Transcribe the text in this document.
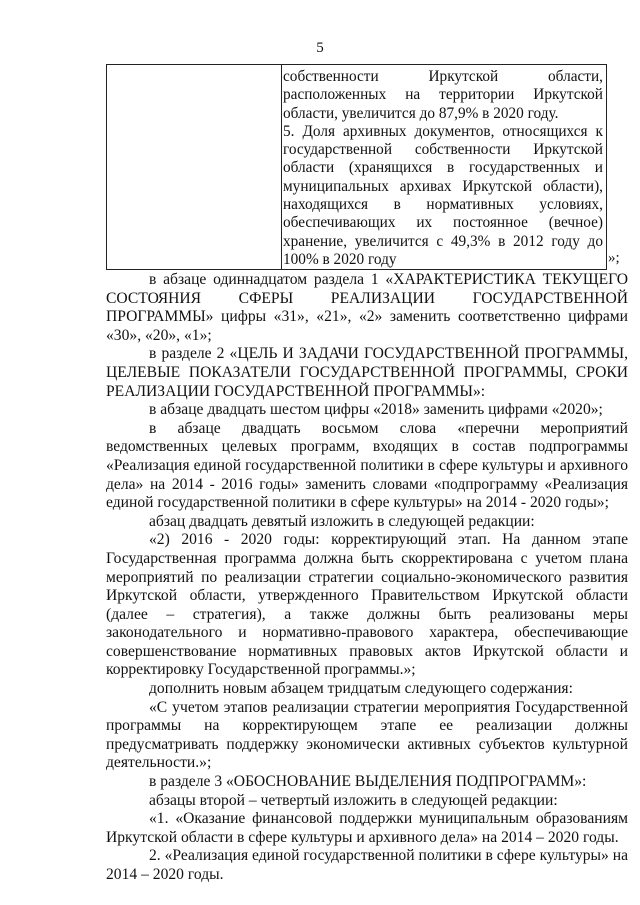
5

собственности Иркутской области, расположенных на территории Иркутской области, увеличится до 87,9% в 2020 году.

5. Доля архивных документов, относящихся к государственной собственности Иркутской области (хранящихся в государственных и муниципальных архивах Иркутской области), находящихся в нормативных условиях, обеспечивающих их постоянное (вечное) хранение, увеличится с 49,3% в 2012 году до 100% в 2020 году	»;

в абзаце одиннадцатом раздела 1 «ХАРАКТЕРИСТИКА ТЕКУЩЕГО СОСТОЯНИЯ СФЕРЫ РЕАЛИЗАЦИИ ГОСУДАРСТВЕННОЙ ПРОГРАММЫ» цифры «31», «21», «2» заменить соответственно цифрами «30», «20», «1»;

в разделе 2 «ЦЕЛЬ И ЗАДАЧИ ГОСУДАРСТВЕННОЙ ПРОГРАММЫ, ЦЕЛЕВЫЕ ПОКАЗАТЕЛИ ГОСУДАРСТВЕННОЙ ПРОГРАММЫ, СРОКИ РЕАЛИЗАЦИИ ГОСУДАРСТВЕННОЙ ПРОГРАММЫ»:

в абзаце двадцать шестом цифры «2018» заменить цифрами «2020»;

в абзаце двадцать восьмом слова «перечни мероприятий ведомственных целевых программ, входящих в состав подпрограммы «Реализация единой государственной политики в сфере культуры и архивного дела» на 2014 - 2016 годы» заменить словами «подпрограмму «Реализация единой государственной политики в сфере культуры» на 2014 - 2020 годы»;

абзац двадцать девятый изложить в следующей редакции:

«2) 2016 - 2020 годы: корректирующий этап. На данном этапе Государственная программа должна быть скорректирована с учетом плана мероприятий по реализации стратегии социально-экономического развития Иркутской области, утвержденного Правительством Иркутской области (далее – стратегия), а также должны быть реализованы меры законодательного и нормативно-правового характера, обеспечивающие совершенствование нормативных правовых актов Иркутской области и корректировку Государственной программы.»;

дополнить новым абзацем тридцатым следующего содержания:

«С учетом этапов реализации стратегии мероприятия Государственной программы на корректирующем этапе ее реализации должны предусматривать поддержку экономически активных субъектов культурной деятельности.»;

в разделе 3 «ОБОСНОВАНИЕ ВЫДЕЛЕНИЯ ПОДПРОГРАММ»:

абзацы второй – четвертый изложить в следующей редакции:

«1. «Оказание финансовой поддержки муниципальным образованиям Иркутской области в сфере культуры и архивного дела» на 2014 – 2020 годы.

2. «Реализация единой государственной политики в сфере культуры» на 2014 – 2020 годы.
